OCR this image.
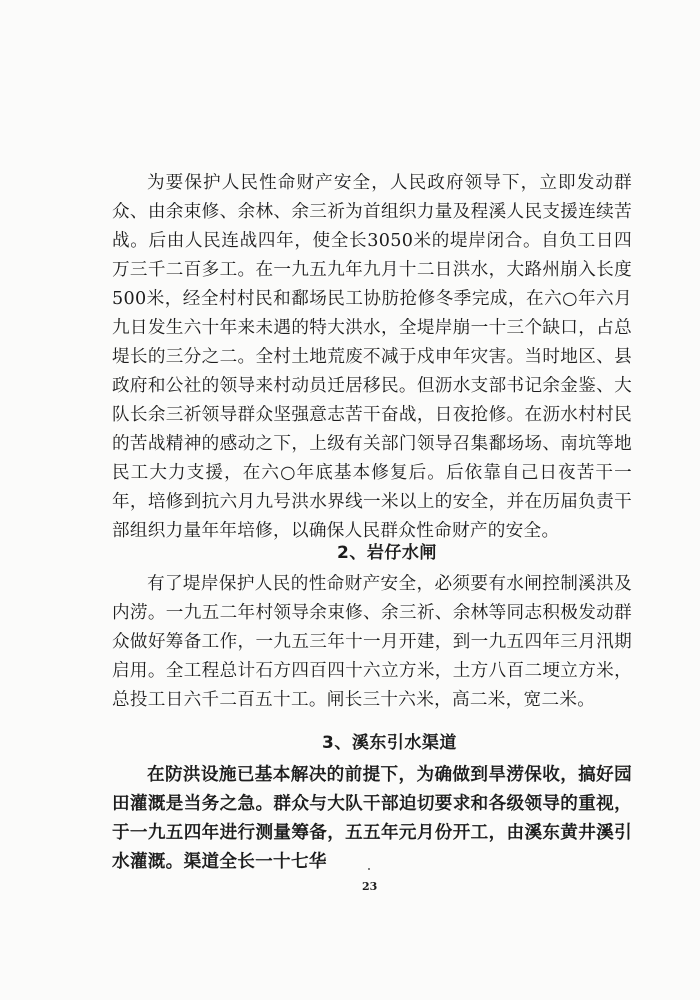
为要保护人民性命财产安全，人民政府领导下，立即发动群众、由余束修、余林、余三祈为首组织力量及程溪人民支援连续苦战。后由人民连战四年，使全长3050米的堤岸闭合。自负工日四万三千二百多工。在一九五九年九月十二日洪水，大路州崩入长度500米，经全村村民和鄱场民工协肪抢修冬季完成，在六○年六月九日发生六十年来未遇的特大洪水，全堤岸崩一十三个缺口，占总堤长的三分之二。全村土地荒废不减于戍申年灾害。当时地区、县政府和公社的领导来村动员迁居移民。但沥水支部书记余金鉴、大队长余三祈领导群众坚强意志苦干奋战，日夜抢修。在沥水村村民的苦战精神的感动之下，上级有关部门领导召集鄱场场、南坑等地民工大力支援，在六○年底基本修复后。后依靠自己日夜苦干一年，培修到抗六月九号洪水界线一米以上的安全，并在历届负责干部组织力量年年培修，以确保人民群众性命财产的安全。

2、岩仔水闸

有了堤岸保护人民的性命财产安全，必须要有水闸控制溪洪及内涝。一九五二年村领导余束修、余三祈、余林等同志积极发动群众做好筹备工作，一九五三年十一月开建，到一九五四年三月汛期启用。全工程总计石方四百四十六立方米，土方八百二埂立方米，总投工日六千二百五十工。闸长三十六米，高二米，宽二米。

3、溪东引水渠道

在防洪设施已基本解决的前提下，为确做到旱涝保收，搞好园田灌溉是当务之急。群众与大队干部迫切要求和各级领导的重视，于一九五四年进行测量筹备，五五年元月份开工，由溪东黄井溪引水灌溉。渠道全长一十七华

23
